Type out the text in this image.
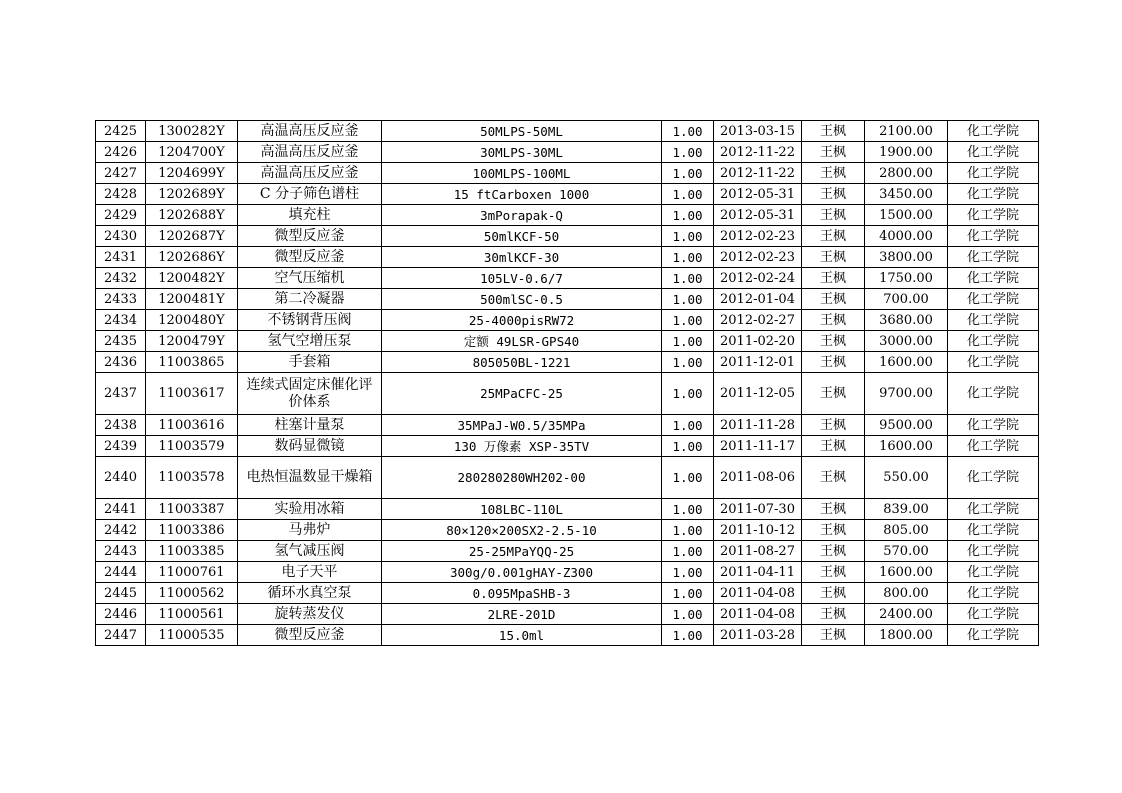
2425	1300282Y	高温高压反应釜	50MLPS-50ML	1.00	2013-03-15	王枫	2100.00	化工学院
2426	1204700Y	高温高压反应釜	30MLPS-30ML	1.00	2012-11-22	王枫	1900.00	化工学院
2427	1204699Y	高温高压反应釜	100MLPS-100ML	1.00	2012-11-22	王枫	2800.00	化工学院
2428	1202689Y	C 分子筛色谱柱	15 ftCarboxen 1000	1.00	2012-05-31	王枫	3450.00	化工学院
2429	1202688Y	填充柱	3mPorapak-Q	1.00	2012-05-31	王枫	1500.00	化工学院
2430	1202687Y	微型反应釜	50mlKCF-50	1.00	2012-02-23	王枫	4000.00	化工学院
2431	1202686Y	微型反应釜	30mlKCF-30	1.00	2012-02-23	王枫	3800.00	化工学院
2432	1200482Y	空气压缩机	105LV-0.6/7	1.00	2012-02-24	王枫	1750.00	化工学院
2433	1200481Y	第二冷凝器	500mlSC-0.5	1.00	2012-01-04	王枫	700.00	化工学院
2434	1200480Y	不锈钢背压阀	25-4000pisRW72	1.00	2012-02-27	王枫	3680.00	化工学院
2435	1200479Y	氢气空增压泵	定额 49LSR-GPS40	1.00	2011-02-20	王枫	3000.00	化工学院
2436	11003865	手套箱	805050BL-1221	1.00	2011-12-01	王枫	1600.00	化工学院
2437	11003617	连续式固定床催化评价体系	25MPaCFC-25	1.00	2011-12-05	王枫	9700.00	化工学院
2438	11003616	柱塞计量泵	35MPaJ-W0.5/35MPa	1.00	2011-11-28	王枫	9500.00	化工学院
2439	11003579	数码显微镜	130 万像素 XSP-35TV	1.00	2011-11-17	王枫	1600.00	化工学院
2440	11003578	电热恒温数显干燥箱	280280280WH202-00	1.00	2011-08-06	王枫	550.00	化工学院
2441	11003387	实验用冰箱	108LBC-110L	1.00	2011-07-30	王枫	839.00	化工学院
2442	11003386	马弗炉	80×120×200SX2-2.5-10	1.00	2011-10-12	王枫	805.00	化工学院
2443	11003385	氢气减压阀	25-25MPaYQQ-25	1.00	2011-08-27	王枫	570.00	化工学院
2444	11000761	电子天平	300g/0.001gHAY-Z300	1.00	2011-04-11	王枫	1600.00	化工学院
2445	11000562	循环水真空泵	0.095MpaSHB-3	1.00	2011-04-08	王枫	800.00	化工学院
2446	11000561	旋转蒸发仪	2LRE-201D	1.00	2011-04-08	王枫	2400.00	化工学院
2447	11000535	微型反应釜	15.0ml	1.00	2011-03-28	王枫	1800.00	化工学院
